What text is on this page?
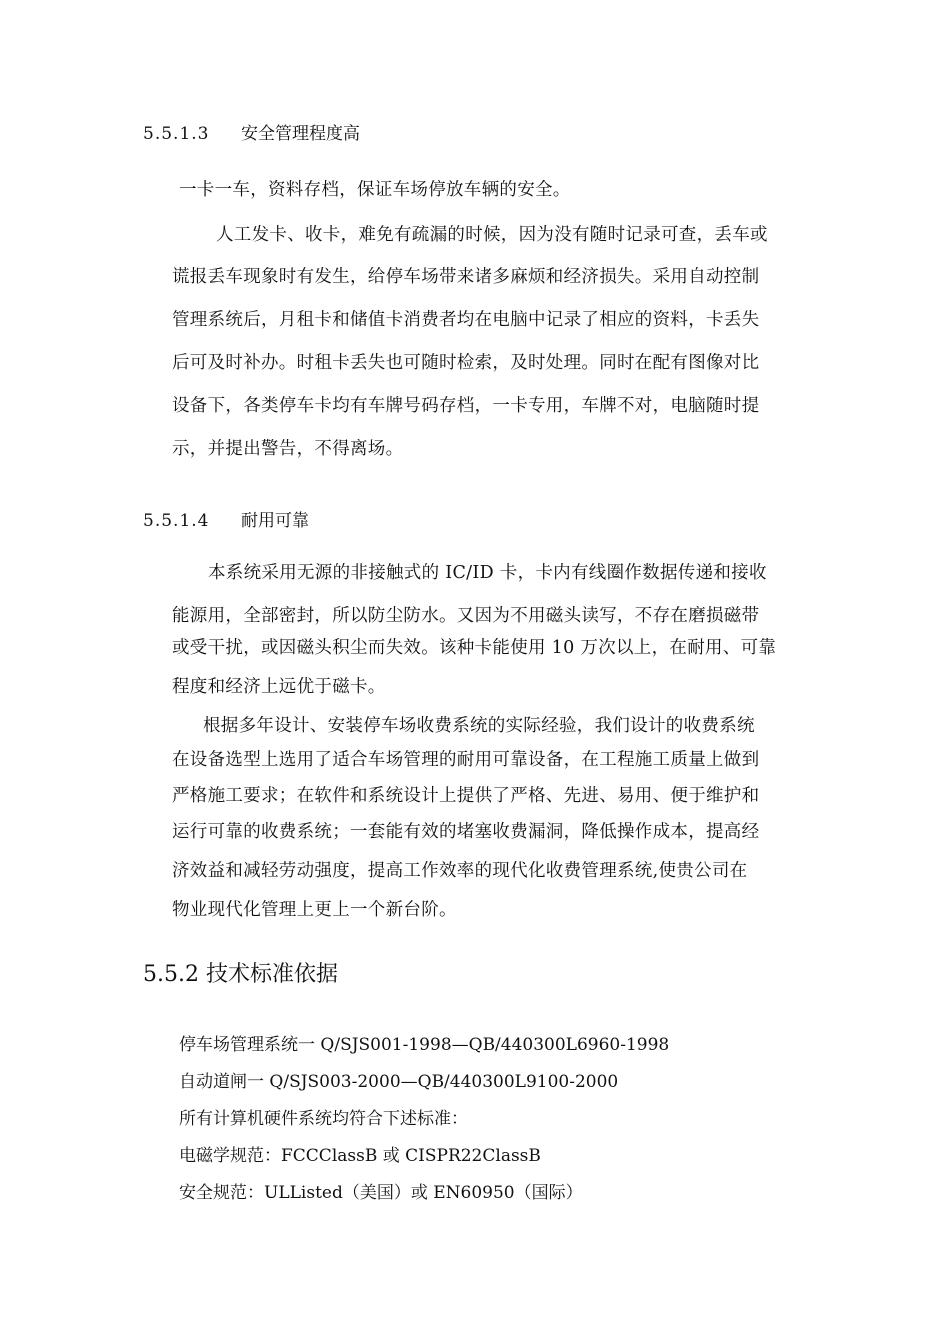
5.5.1.3 安全管理程度高
一卡一车，资料存档，保证车场停放车辆的安全。
人工发卡、收卡，难免有疏漏的时候，因为没有随时记录可查，丢车或
谎报丢车现象时有发生，给停车场带来诸多麻烦和经济损失。采用自动控制
管理系统后，月租卡和储值卡消费者均在电脑中记录了相应的资料，卡丢失
后可及时补办。时租卡丢失也可随时检索，及时处理。同时在配有图像对比
设备下，各类停车卡均有车牌号码存档，一卡专用，车牌不对，电脑随时提
示，并提出警告，不得离场。
5.5.1.4 耐用可靠
本系统采用无源的非接触式的 IC/ID 卡，卡内有线圈作数据传递和接收
能源用，全部密封，所以防尘防水。又因为不用磁头读写，不存在磨损磁带
或受干扰，或因磁头积尘而失效。该种卡能使用 10 万次以上，在耐用、可靠
程度和经济上远优于磁卡。
根据多年设计、安装停车场收费系统的实际经验，我们设计的收费系统
在设备选型上选用了适合车场管理的耐用可靠设备，在工程施工质量上做到
严格施工要求；在软件和系统设计上提供了严格、先进、易用、便于维护和
运行可靠的收费系统；一套能有效的堵塞收费漏洞，降低操作成本，提高经
济效益和减轻劳动强度，提高工作效率的现代化收费管理系统,使贵公司在
物业现代化管理上更上一个新台阶。
5.5.2 技术标准依据
停车场管理系统一 Q/SJS001-1998—QB/440300L6960-1998
自动道闸一 Q/SJS003-2000—QB/440300L9100-2000
所有计算机硬件系统均符合下述标准：
电磁学规范：FCCClassB 或 CISPR22ClassB
安全规范：ULListed（美国）或 EN60950（国际）
